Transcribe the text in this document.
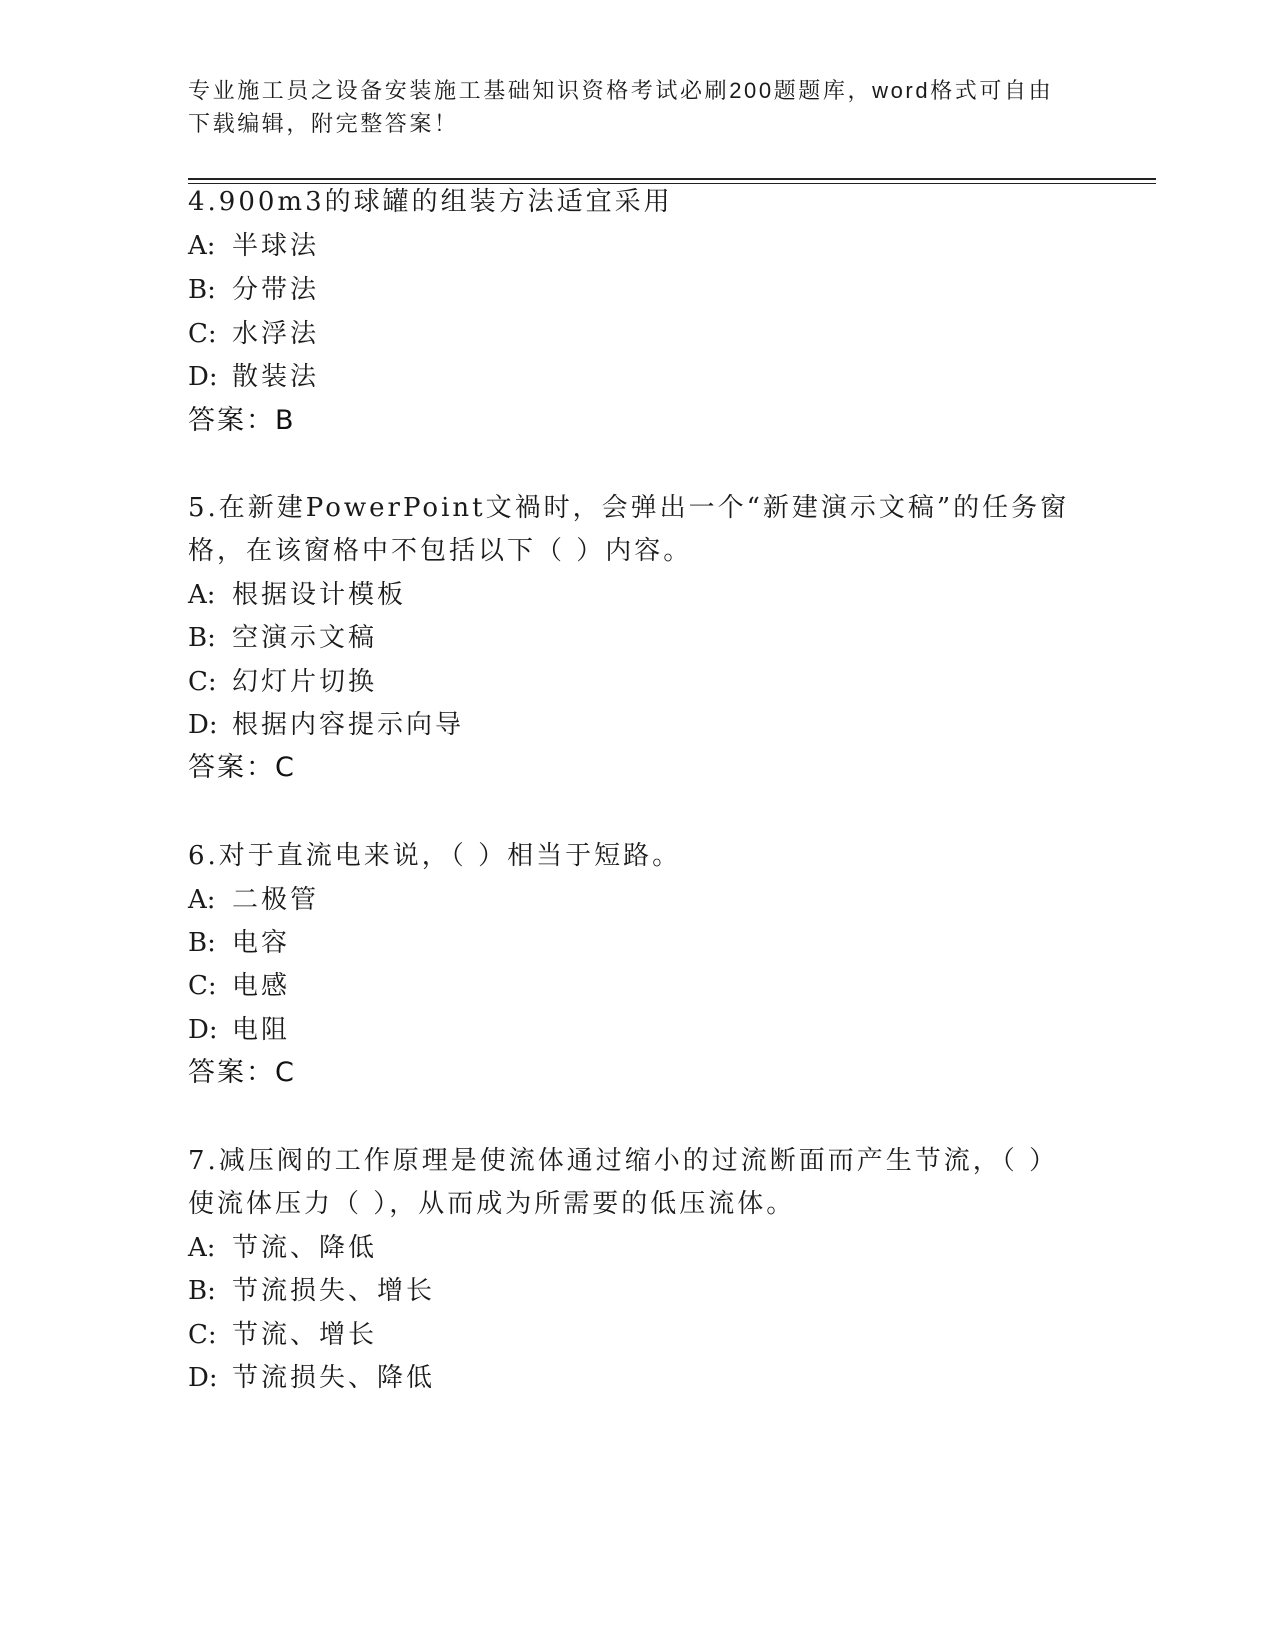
专业施工员之设备安装施工基础知识资格考试必刷200题题库，word格式可自由
下载编辑，附完整答案！
4.900m3的球罐的组装方法适宜采用
A: 半球法
B: 分带法
C: 水浮法
D: 散装法
答案：B
5.在新建PowerPoint文禍时，会弹出一个“新建演示文稿”的任务窗
格，在该窗格中不包括以下（ ）内容。
A: 根据设计模板
B: 空演示文稿
C: 幻灯片切换
D: 根据内容提示向导
答案：C
6.对于直流电来说，（ ）相当于短路。
A: 二极管
B: 电容
C: 电感
D: 电阻
答案：C
7.减压阀的工作原理是使流体通过缩小的过流断面而产生节流，（ ）
使流体压力（ ），从而成为所需要的低压流体。
A: 节流、降低
B: 节流损失、增长
C: 节流、增长
D: 节流损失、降低
